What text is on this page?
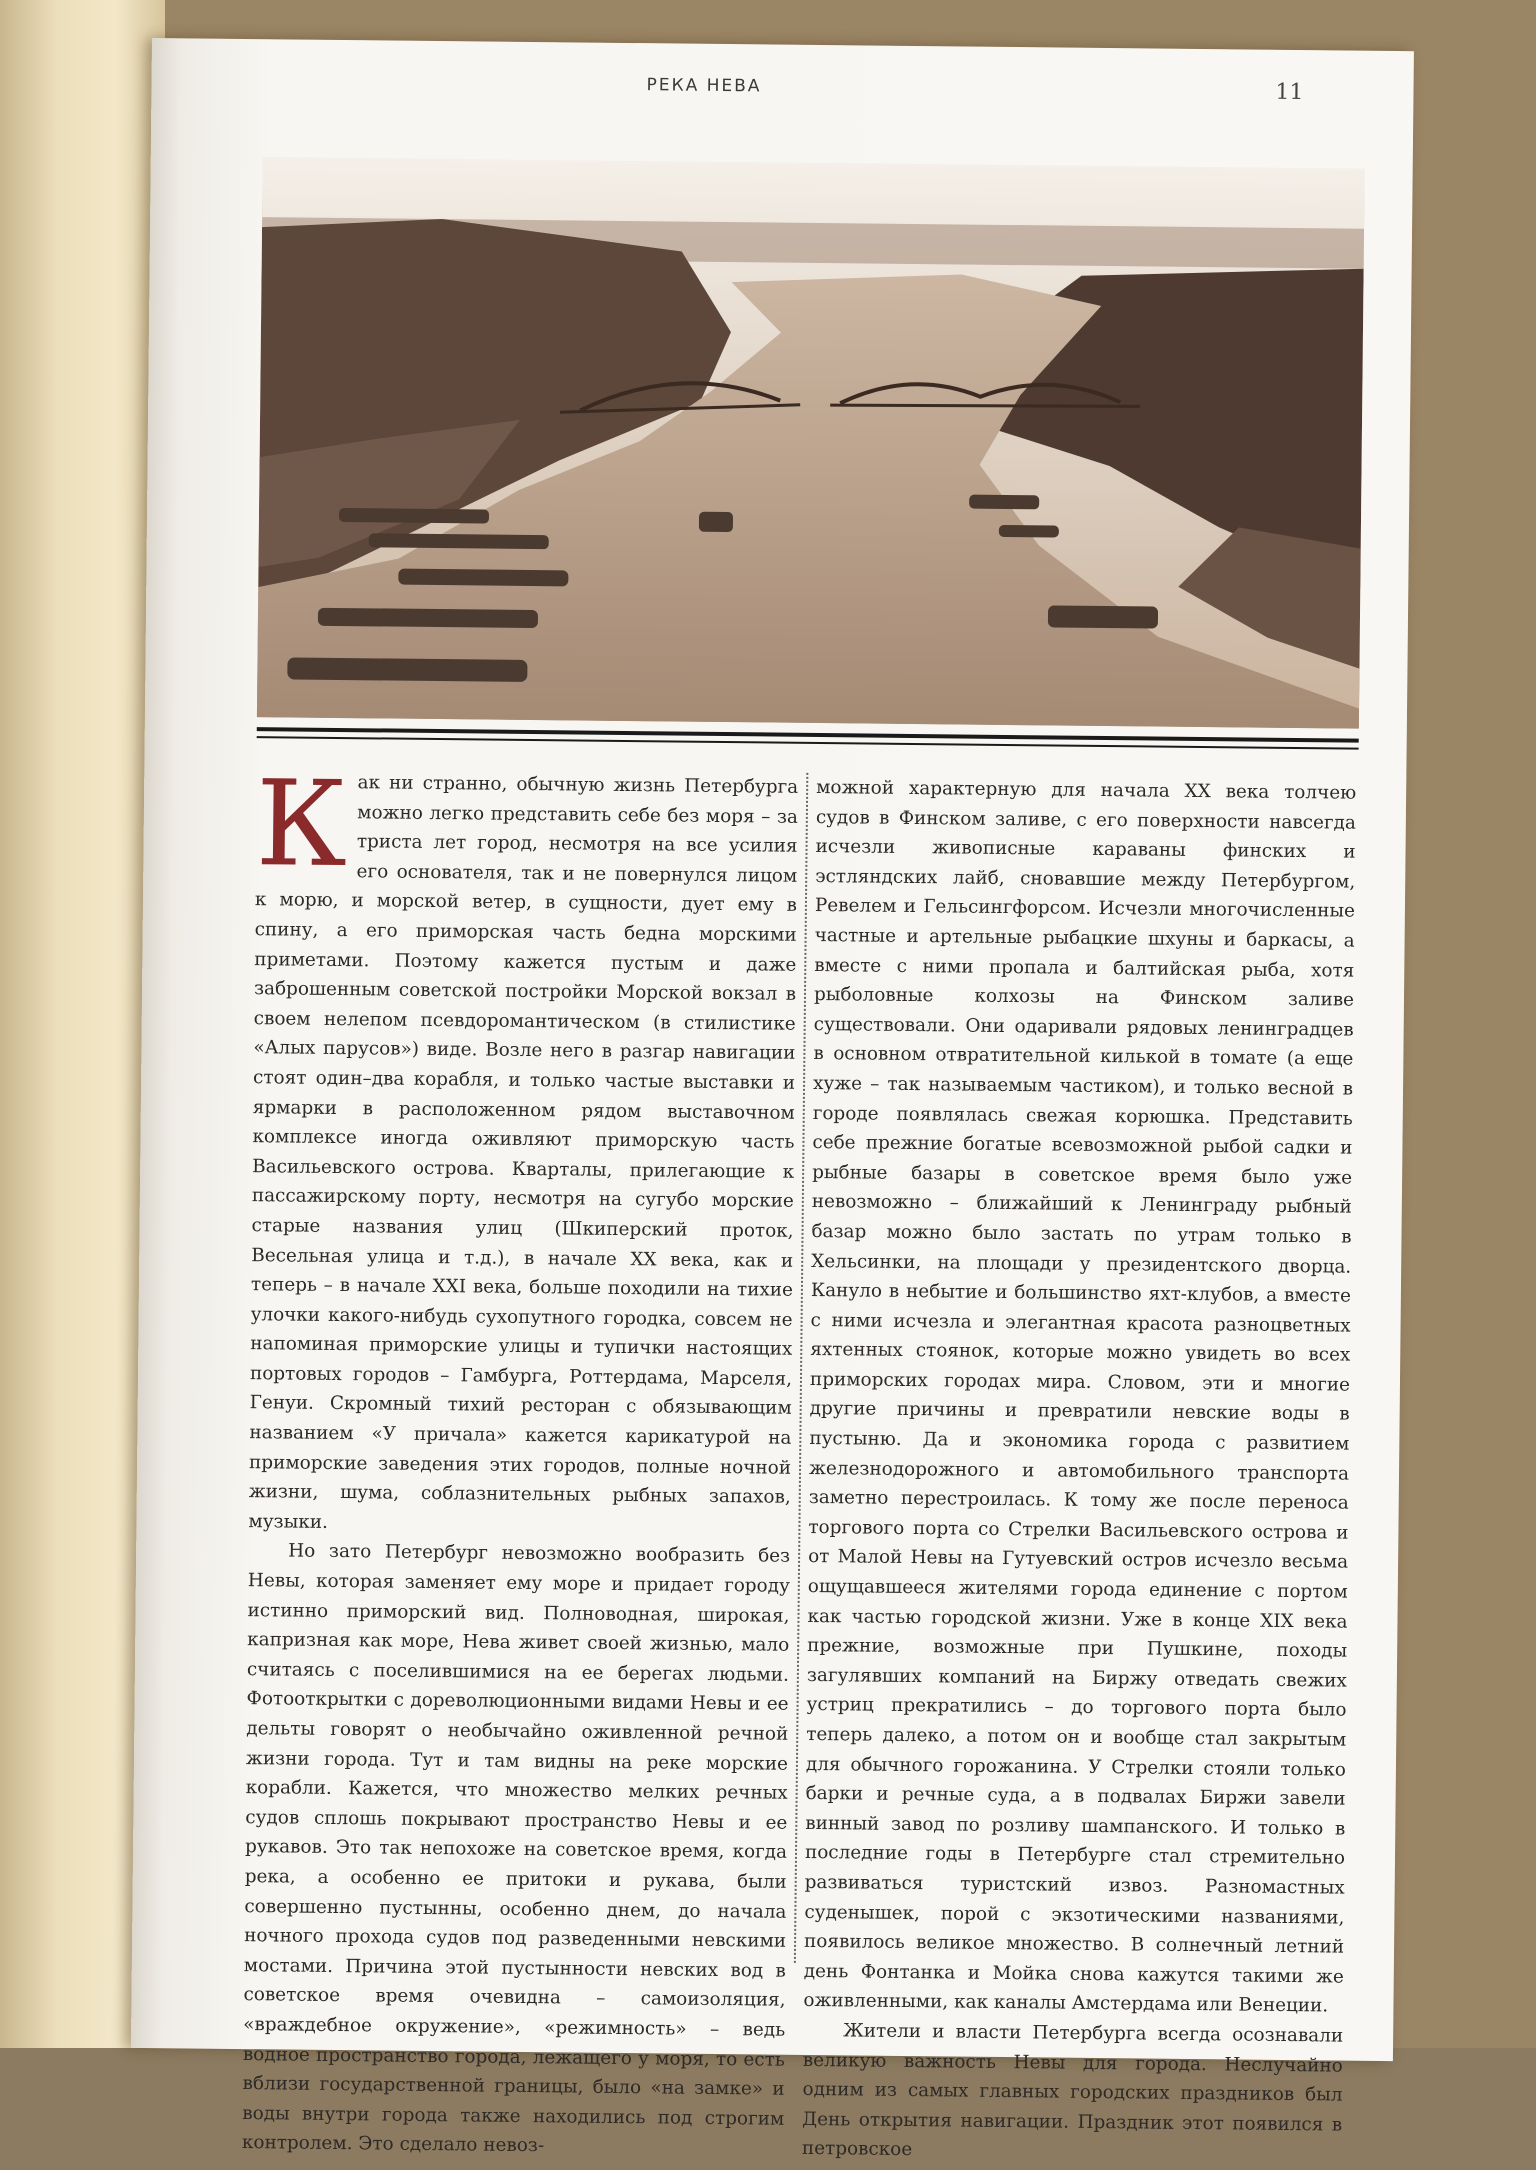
РЕКА НЕВА	11

Как ни странно, обычную жизнь Петербурга можно легко представить себе без моря – за триста лет город, несмотря на все усилия его основателя, так и не повернулся лицом к морю, и морской ветер, в сущности, дует ему в спину, а его приморская часть бедна морскими приметами. Поэтому кажется пустым и даже заброшенным советской постройки Морской вокзал в своем нелепом псевдоромантическом (в стилистике «Алых парусов») виде. Возле него в разгар навигации стоят один–два корабля, и только частые выставки и ярмарки в расположенном рядом выставочном комплексе иногда оживляют приморскую часть Васильевского острова. Кварталы, прилегающие к пассажирскому порту, несмотря на сугубо морские старые названия улиц (Шкиперский проток, Весельная улица и т.д.), в начале XX века, как и теперь – в начале XXI века, больше походили на тихие улочки какого-нибудь сухопутного городка, совсем не напоминая приморские улицы и тупички настоящих портовых городов – Гамбурга, Роттердама, Марселя, Генуи. Скромный тихий ресторан с обязывающим названием «У причала» кажется карикатурой на приморские заведения этих городов, полные ночной жизни, шума, соблазнительных рыбных запахов, музыки.

Но зато Петербург невозможно вообразить без Невы, которая заменяет ему море и придает городу истинно приморский вид. Полноводная, широкая, капризная как море, Нева живет своей жизнью, мало считаясь с поселившимися на ее берегах людьми. Фотооткрытки с дореволюционными видами Невы и ее дельты говорят о необычайно оживленной речной жизни города. Тут и там видны на реке морские корабли. Кажется, что множество мелких речных судов сплошь покрывают пространство Невы и ее рукавов. Это так непохоже на советское время, когда река, а особенно ее притоки и рукава, были совершенно пустынны, особенно днем, до начала ночного прохода судов под разведенными невскими мостами. Причина этой пустынности невских вод в советское время очевидна – самоизоляция, «враждебное окружение», «режимность» – ведь водное пространство города, лежащего у моря, то есть вблизи государственной границы, было «на замке» и воды внутри города также находились под строгим контролем. Это сделало невоз-

можной характерную для начала XX века толчею судов в Финском заливе, с его поверхности навсегда исчезли живописные караваны финских и эстляндских лайб, сновавшие между Петербургом, Ревелем и Гельсингфорсом. Исчезли многочисленные частные и артельные рыбацкие шхуны и баркасы, а вместе с ними пропала и балтийская рыба, хотя рыболовные колхозы на Финском заливе существовали. Они одаривали рядовых ленинградцев в основном отвратительной килькой в томате (а еще хуже – так называемым частиком), и только весной в городе появлялась свежая корюшка. Представить себе прежние богатые всевозможной рыбой садки и рыбные базары в советское время было уже невозможно – ближайший к Ленинграду рыбный базар можно было застать по утрам только в Хельсинки, на площади у президентского дворца. Кануло в небытие и большинство яхт-клубов, а вместе с ними исчезла и элегантная красота разноцветных яхтенных стоянок, которые можно увидеть во всех приморских городах мира. Словом, эти и многие другие причины и превратили невские воды в пустыню. Да и экономика города с развитием железнодорожного и автомобильного транспорта заметно перестроилась. К тому же после переноса торгового порта со Стрелки Васильевского острова и от Малой Невы на Гутуевский остров исчезло весьма ощущавшееся жителями города единение с портом как частью городской жизни. Уже в конце XIX века прежние, возможные при Пушкине, походы загулявших компаний на Биржу отведать свежих устриц прекратились – до торгового порта было теперь далеко, а потом он и вообще стал закрытым для обычного горожанина. У Стрелки стояли только барки и речные суда, а в подвалах Биржи завели винный завод по розливу шампанского. И только в последние годы в Петербурге стал стремительно развиваться туристский извоз. Разномастных суденышек, порой с экзотическими названиями, появилось великое множество. В солнечный летний день Фонтанка и Мойка снова кажутся такими же оживленными, как каналы Амстердама или Венеции.

Жители и власти Петербурга всегда осознавали великую важность Невы для города. Неслучайно одним из самых главных городских праздников был День открытия навигации. Праздник этот появился в петровское
